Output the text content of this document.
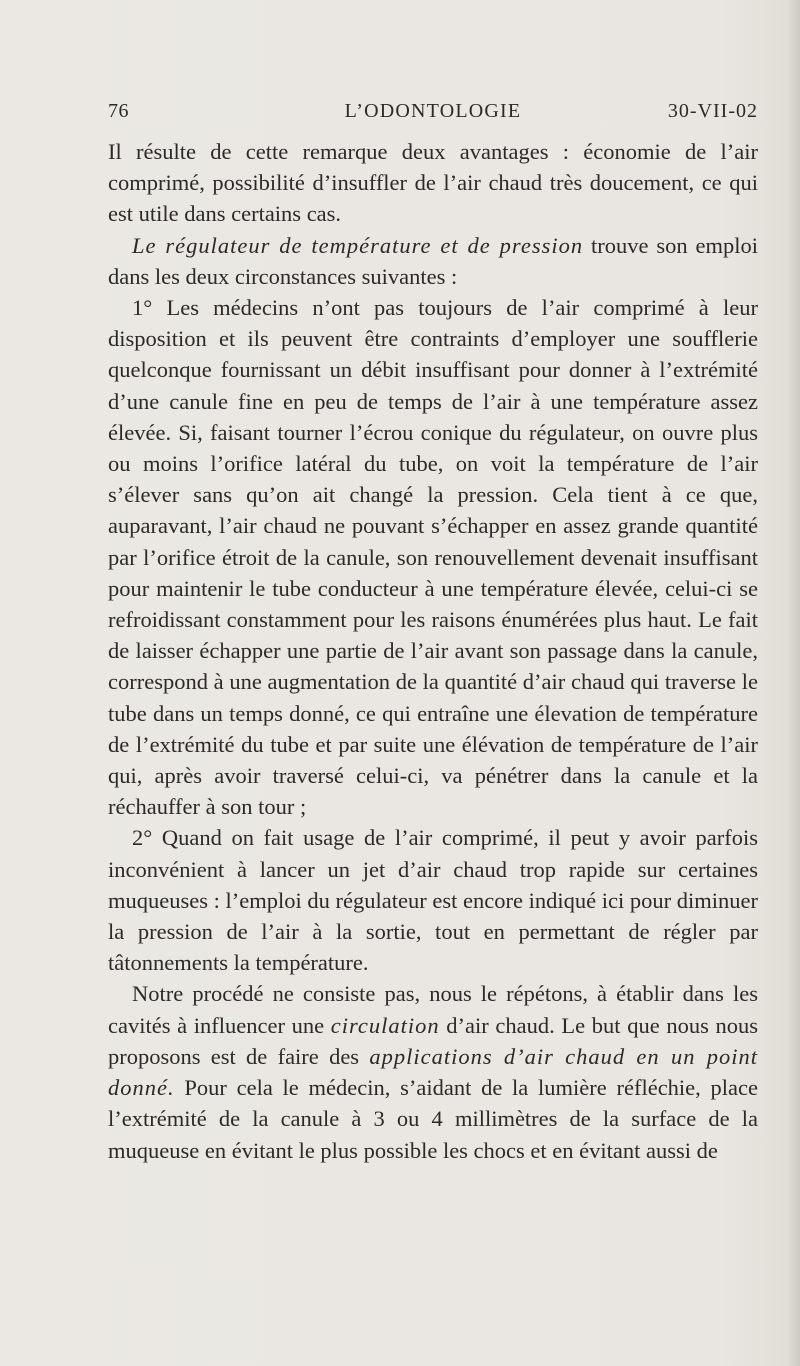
76	L’ODONTOLOGIE	30-VII-02

Il résulte de cette remarque deux avantages : économie de l’air comprimé, possibilité d’insuffler de l’air chaud très doucement, ce qui est utile dans certains cas.

Le régulateur de température et de pression trouve son emploi dans les deux circonstances suivantes :

1° Les médecins n’ont pas toujours de l’air comprimé à leur disposition et ils peuvent être contraints d’employer une soufflerie quelconque fournissant un débit insuffisant pour donner à l’extrémité d’une canule fine en peu de temps de l’air à une température assez élevée. Si, faisant tourner l’écrou conique du régulateur, on ouvre plus ou moins l’orifice latéral du tube, on voit la température de l’air s’élever sans qu’on ait changé la pression. Cela tient à ce que, auparavant, l’air chaud ne pouvant s’échapper en assez grande quantité par l’orifice étroit de la canule, son renouvellement devenait insuffisant pour maintenir le tube conducteur à une température élevée, celui-ci se refroidissant constamment pour les raisons énumérées plus haut. Le fait de laisser échapper une partie de l’air avant son passage dans la canule, correspond à une augmentation de la quantité d’air chaud qui traverse le tube dans un temps donné, ce qui entraîne une élevation de température de l’extrémité du tube et par suite une élévation de température de l’air qui, après avoir traversé celui-ci, va pénétrer dans la canule et la réchauffer à son tour ;

2° Quand on fait usage de l’air comprimé, il peut y avoir parfois inconvénient à lancer un jet d’air chaud trop rapide sur certaines muqueuses : l’emploi du régulateur est encore indiqué ici pour diminuer la pression de l’air à la sortie, tout en permettant de régler par tâtonnements la température.

Notre procédé ne consiste pas, nous le répétons, à établir dans les cavités à influencer une circulation d’air chaud. Le but que nous nous proposons est de faire des applications d’air chaud en un point donné. Pour cela le médecin, s’aidant de la lumière réfléchie, place l’extrémité de la canule à 3 ou 4 millimètres de la surface de la muqueuse en évitant le plus possible les chocs et en évitant aussi de
